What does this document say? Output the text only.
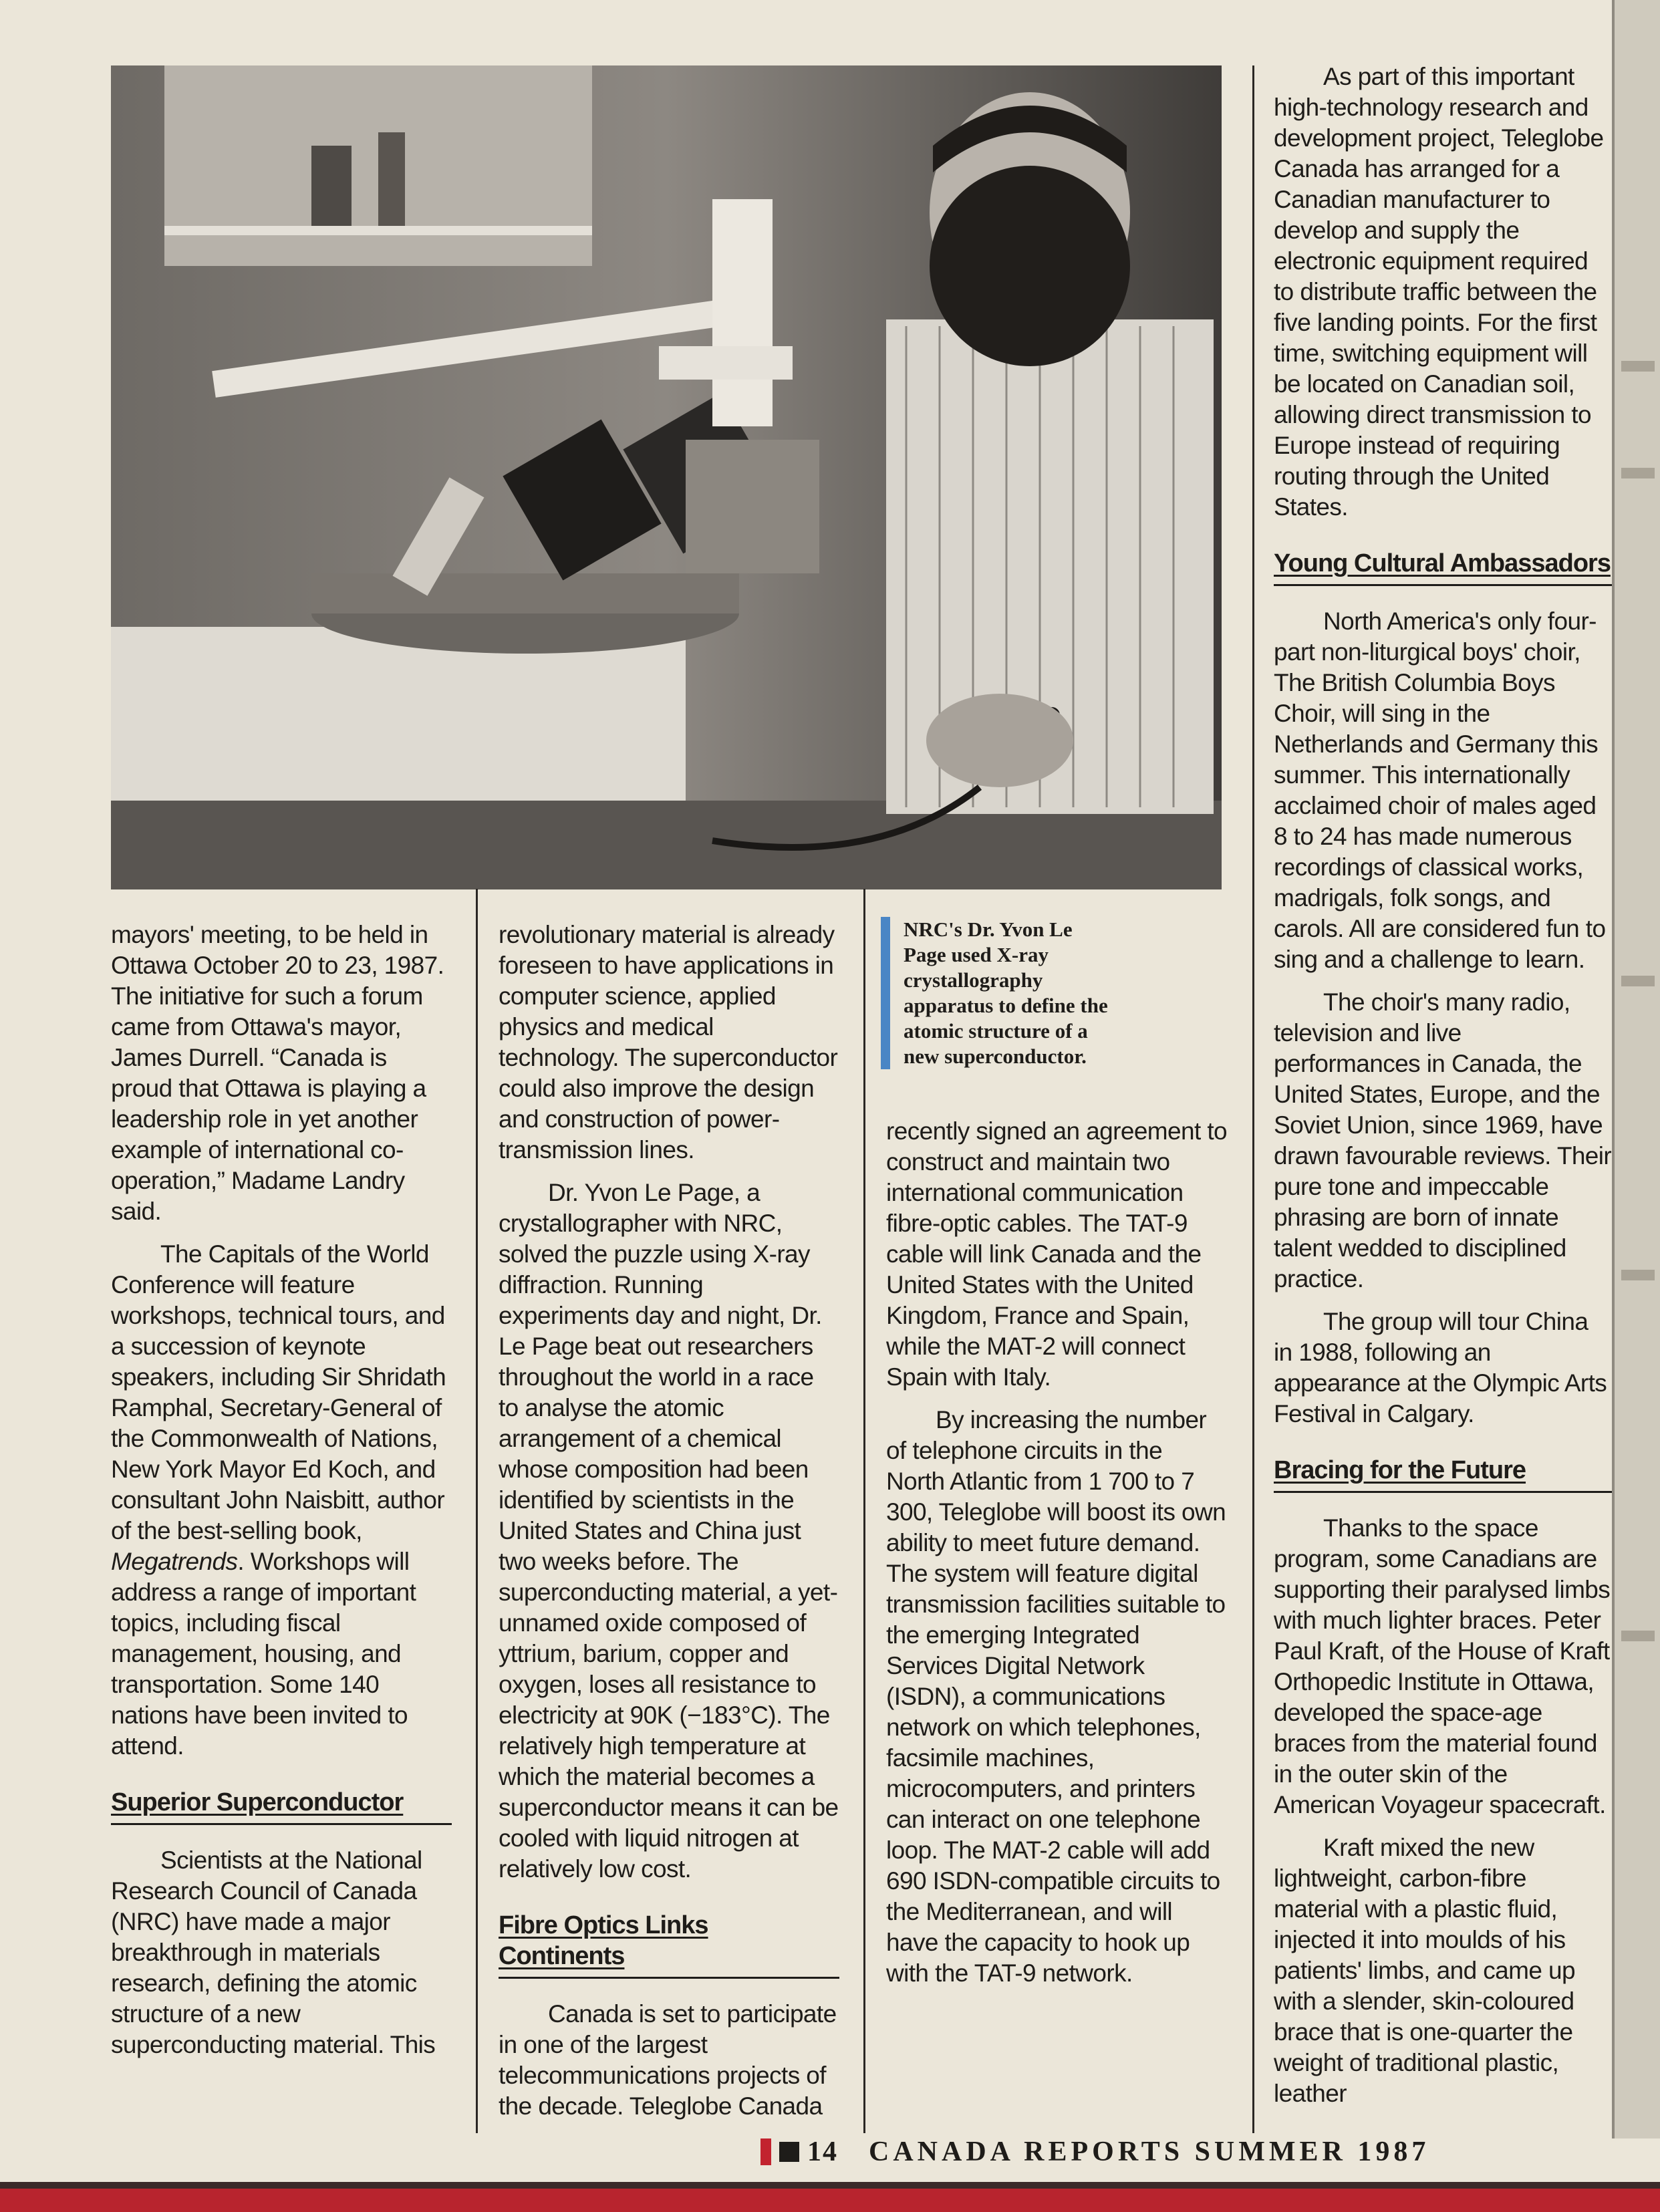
mayors' meeting, to be held in Ottawa October 20 to 23, 1987. The initiative for such a forum came from Ottawa's mayor, James Durrell. “Canada is proud that Ottawa is playing a leadership role in yet another example of international co-operation,” Madame Landry said.

The Capitals of the World Conference will feature workshops, technical tours, and a succession of keynote speakers, including Sir Shridath Ramphal, Secretary-General of the Commonwealth of Nations, New York Mayor Ed Koch, and consultant John Naisbitt, author of the best-selling book, Megatrends. Workshops will address a range of important topics, including fiscal management, housing, and transportation. Some 140 nations have been invited to attend.

Superior Superconductor

Scientists at the National Research Council of Canada (NRC) have made a major breakthrough in materials research, defining the atomic structure of a new superconducting material. This

revolutionary material is already foreseen to have applications in computer science, applied physics and medical technology. The superconductor could also improve the design and construction of power-transmission lines.

Dr. Yvon Le Page, a crystallographer with NRC, solved the puzzle using X-ray diffraction. Running experiments day and night, Dr. Le Page beat out researchers throughout the world in a race to analyse the atomic arrangement of a chemical whose composition had been identified by scientists in the United States and China just two weeks before. The superconducting material, a yet-unnamed oxide composed of yttrium, barium, copper and oxygen, loses all resistance to electricity at 90K (−183°C). The relatively high temperature at which the material becomes a superconductor means it can be cooled with liquid nitrogen at relatively low cost.

Fibre Optics Links Continents

Canada is set to participate in one of the largest telecommunications projects of the decade. Teleglobe Canada

NRC's Dr. Yvon Le Page used X-ray crystallography apparatus to define the atomic structure of a new superconductor.

recently signed an agreement to construct and maintain two international communication fibre-optic cables. The TAT-9 cable will link Canada and the United States with the United Kingdom, France and Spain, while the MAT-2 will connect Spain with Italy.

By increasing the number of telephone circuits in the North Atlantic from 1 700 to 7 300, Teleglobe will boost its own ability to meet future demand. The system will feature digital transmission facilities suitable to the emerging Integrated Services Digital Network (ISDN), a communications network on which telephones, facsimile machines, microcomputers, and printers can interact on one telephone loop. The MAT-2 cable will add 690 ISDN-compatible circuits to the Mediterranean, and will have the capacity to hook up with the TAT-9 network.

As part of this important high-technology research and development project, Teleglobe Canada has arranged for a Canadian manufacturer to develop and supply the electronic equipment required to distribute traffic between the five landing points. For the first time, switching equipment will be located on Canadian soil, allowing direct transmission to Europe instead of requiring routing through the United States.

Young Cultural Ambassadors

North America's only four-part non-liturgical boys' choir, The British Columbia Boys Choir, will sing in the Netherlands and Germany this summer. This internationally acclaimed choir of males aged 8 to 24 has made numerous recordings of classical works, madrigals, folk songs, and carols. All are considered fun to sing and a challenge to learn.

The choir's many radio, television and live performances in Canada, the United States, Europe, and the Soviet Union, since 1969, have drawn favourable reviews. Their pure tone and impeccable phrasing are born of innate talent wedded to disciplined practice.

The group will tour China in 1988, following an appearance at the Olympic Arts Festival in Calgary.

Bracing for the Future

Thanks to the space program, some Canadians are supporting their paralysed limbs with much lighter braces. Peter Paul Kraft, of the House of Kraft Orthopedic Institute in Ottawa, developed the space-age braces from the material found in the outer skin of the American Voyageur spacecraft.

Kraft mixed the new lightweight, carbon-fibre material with a plastic fluid, injected it into moulds of his patients' limbs, and came up with a slender, skin-coloured brace that is one-quarter the weight of traditional plastic, leather

14 CANADA REPORTS SUMMER 1987
